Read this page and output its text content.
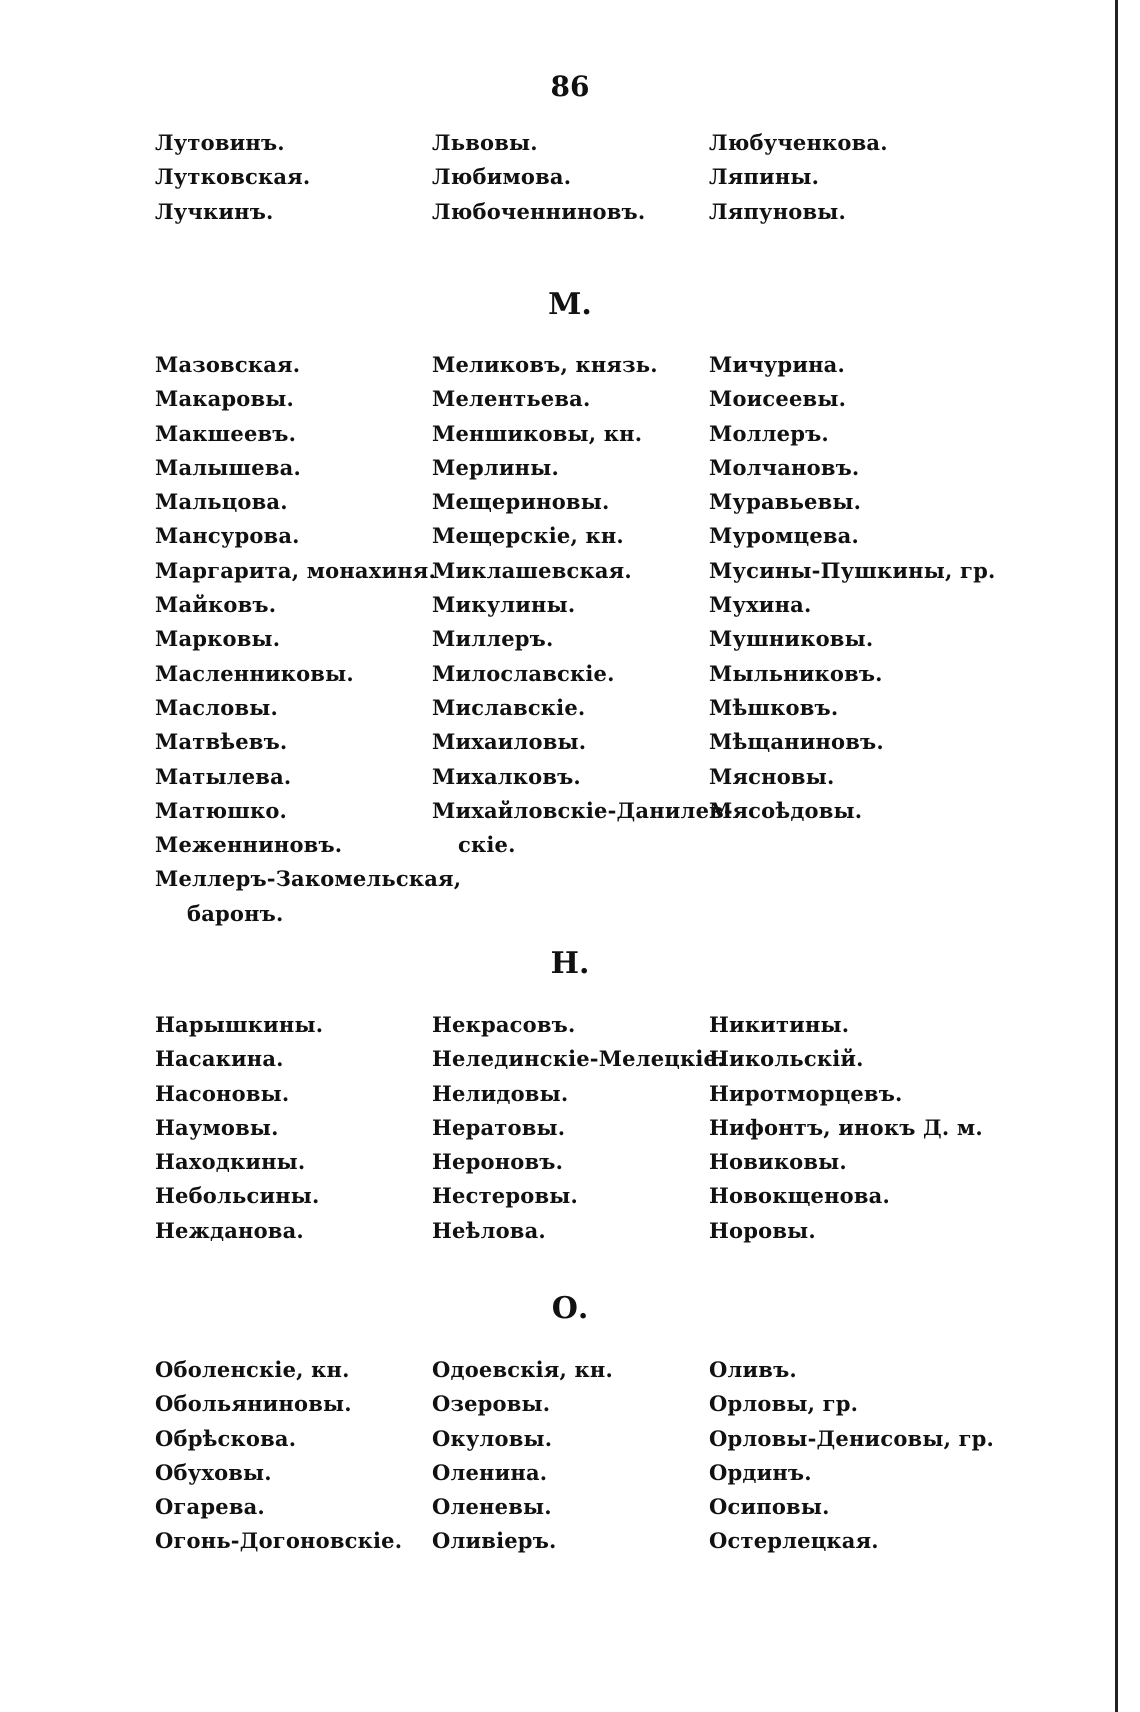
86
Лутовинъ.
Лутковская.
Лучкинъ.
Львовы.
Любимова.
Любоченниновъ.
Любученкова.
Ляпины.
Ляпуновы.
М.
Мазовская.
Макаровы.
Макшеевъ.
Малышева.
Мальцова.
Мансурова.
Маргарита, монахиня.
Майковъ.
Марковы.
Масленниковы.
Масловы.
Матвѣевъ.
Матылева.
Матюшко.
Меженниновъ.
Меллеръ-Закомельская,
баронъ.
Меликовъ, князь.
Мелентьева.
Меншиковы, кн.
Мерлины.
Мещериновы.
Мещерскіе, кн.
Миклашевская.
Микулины.
Миллеръ.
Милославскіе.
Миславскіе.
Михаиловы.
Михалковъ.
Михайловскіе-Данилев-
скіе.
Мичурина.
Моисеевы.
Моллеръ.
Молчановъ.
Муравьевы.
Муромцева.
Мусины-Пушкины, гр.
Мухина.
Мушниковы.
Мыльниковъ.
Мѣшковъ.
Мѣщаниновъ.
Мясновы.
Мясоѣдовы.
Н.
Нарышкины.
Насакина.
Насоновы.
Наумовы.
Находкины.
Небольсины.
Нежданова.
Некрасовъ.
Нелединскіе-Мелецкіе.
Нелидовы.
Нератовы.
Нероновъ.
Нестеровы.
Неѣлова.
Никитины.
Никольскій.
Ниротморцевъ.
Нифонтъ, инокъ Д. м.
Новиковы.
Новокщенова.
Норовы.
О.
Оболенскіе, кн.
Обольяниновы.
Обрѣскова.
Обуховы.
Огарева.
Огонь-Догоновскіе.
Одоевскія, кн.
Озеровы.
Окуловы.
Оленина.
Оленевы.
Оливіеръ.
Оливъ.
Орловы, гр.
Орловы-Денисовы, гр.
Ординъ.
Осиповы.
Остерлецкая.
